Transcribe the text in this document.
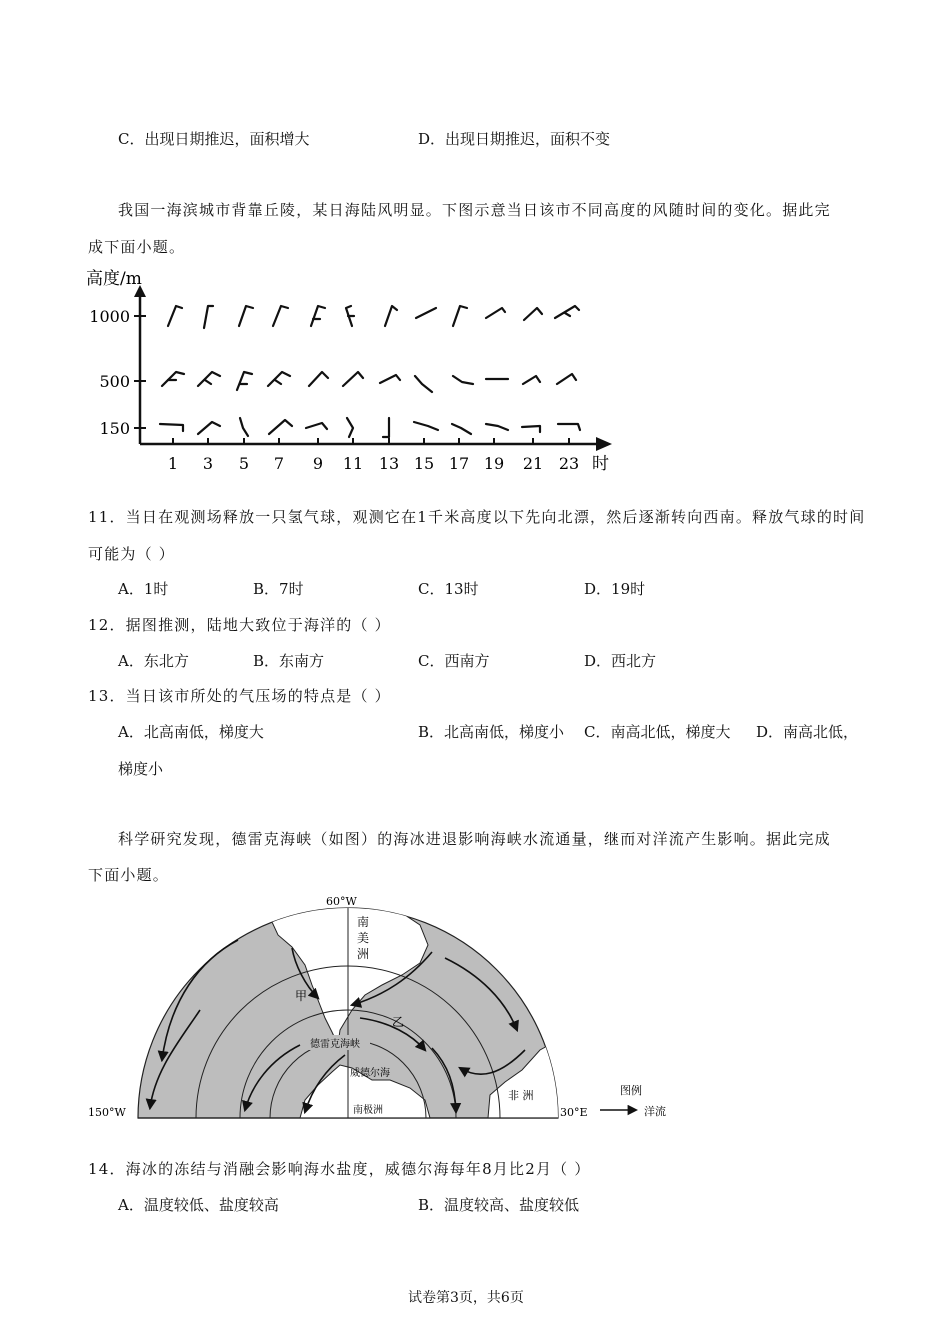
C．出现日期推迟，面积增大	D．出现日期推迟，面积不变
我国一海滨城市背靠丘陵，某日海陆风明显。下图示意当日该市不同高度的风随时间的变化。据此完
成下面小题。
高度/m
1000
500
150
1 3 5 7 9 11 13 15 17 19 21 23 时
11．当日在观测场释放一只氢气球，观测它在1千米高度以下先向北漂，然后逐渐转向西南。释放气球的时间
可能为（ ）
A．1时	B．7时	C．13时	D．19时
12．据图推测，陆地大致位于海洋的（ ）
A．东北方	B．东南方	C．西南方	D．西北方
13．当日该市所处的气压场的特点是（ ）
A．北高南低，梯度大	B．北高南低，梯度小 C．南高北低，梯度大 D．南高北低，
梯度小
科学研究发现，德雷克海峡（如图）的海冰进退影响海峡水流通量，继而对洋流产生影响。据此完成
下面小题。
60°W
南美洲
甲
乙
德雷克海峡
威德尔海
南极洲
非 洲
150°W	30°E
图例
洋流
14．海冰的冻结与消融会影响海水盐度，威德尔海每年8月比2月（ ）
A．温度较低、盐度较高	B．温度较高、盐度较低
试卷第3页，共6页
